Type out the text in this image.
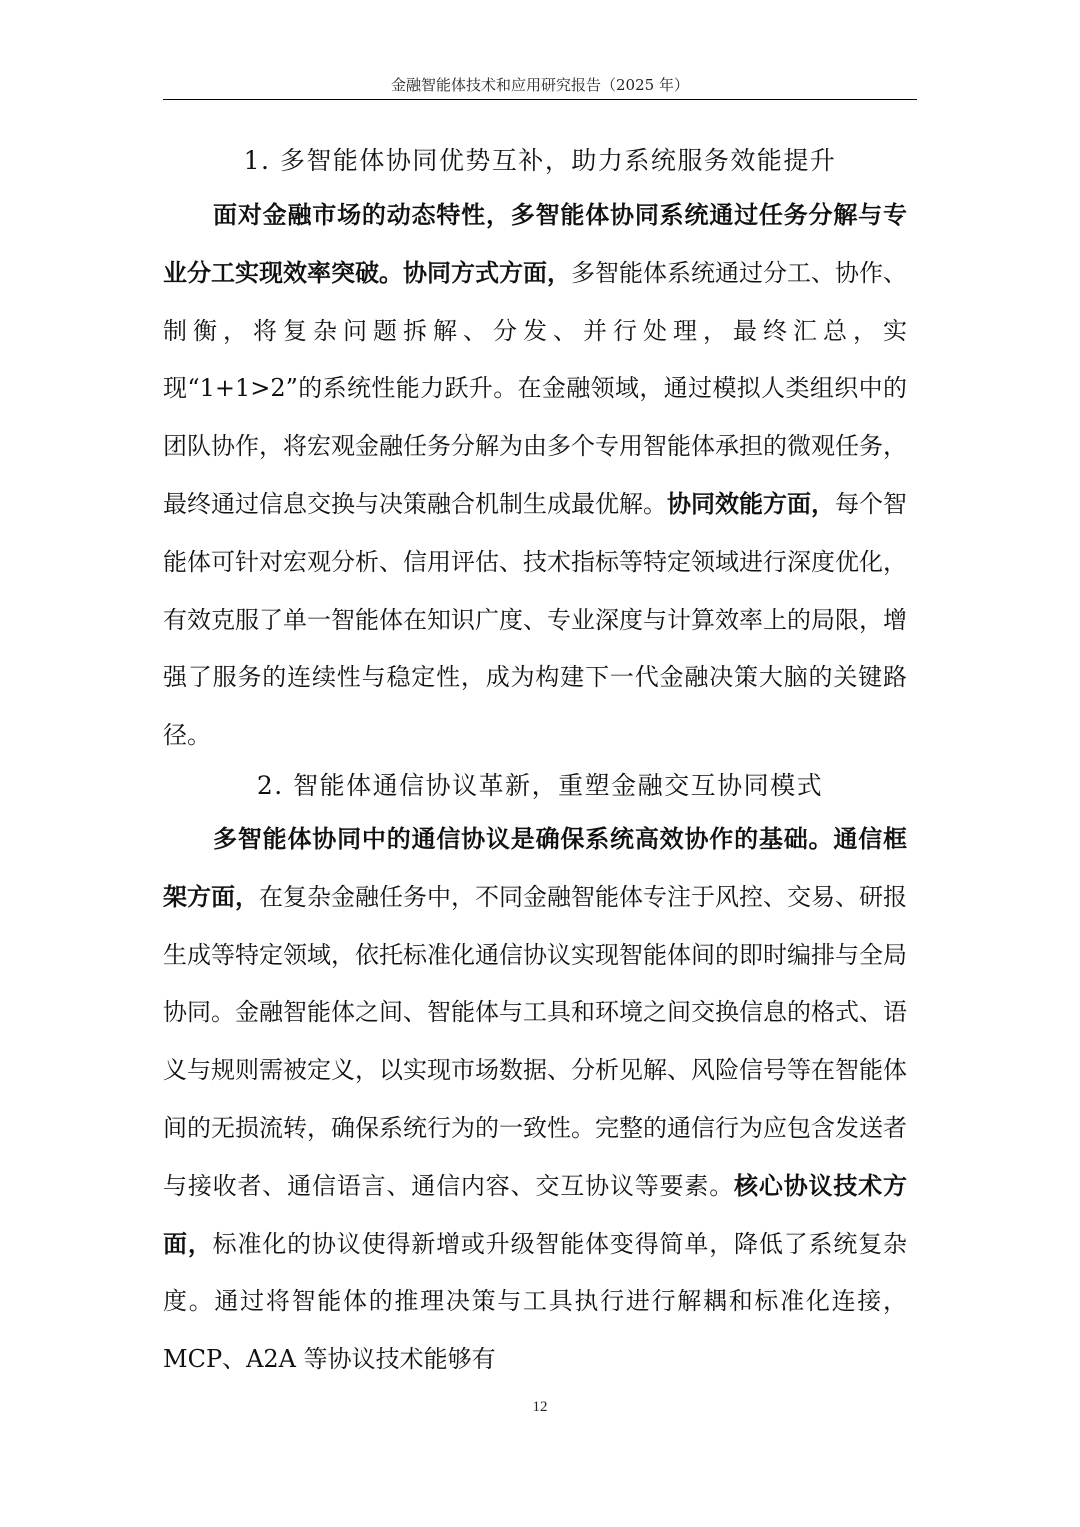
金融智能体技术和应用研究报告（2025 年）
1. 多智能体协同优势互补，助力系统服务效能提升

面对金融市场的动态特性，多智能体协同系统通过任务分解与专业分工实现效率突破。协同方式方面，多智能体系统通过分工、协作、制衡，将复杂问题拆解、分发、并行处理，最终汇总，实现“1+1>2”的系统性能力跃升。在金融领域，通过模拟人类组织中的团队协作，将宏观金融任务分解为由多个专用智能体承担的微观任务，最终通过信息交换与决策融合机制生成最优解。协同效能方面，每个智能体可针对宏观分析、信用评估、技术指标等特定领域进行深度优化，有效克服了单一智能体在知识广度、专业深度与计算效率上的局限，增强了服务的连续性与稳定性，成为构建下一代金融决策大脑的关键路径。

2. 智能体通信协议革新，重塑金融交互协同模式

多智能体协同中的通信协议是确保系统高效协作的基础。通信框架方面，在复杂金融任务中，不同金融智能体专注于风控、交易、研报生成等特定领域，依托标准化通信协议实现智能体间的即时编排与全局协同。金融智能体之间、智能体与工具和环境之间交换信息的格式、语义与规则需被定义，以实现市场数据、分析见解、风险信号等在智能体间的无损流转，确保系统行为的一致性。完整的通信行为应包含发送者与接收者、通信语言、通信内容、交互协议等要素。核心协议技术方面，标准化的协议使得新增或升级智能体变得简单，降低了系统复杂度。通过将智能体的推理决策与工具执行进行解耦和标准化连接，MCP、A2A 等协议技术能够有

12
